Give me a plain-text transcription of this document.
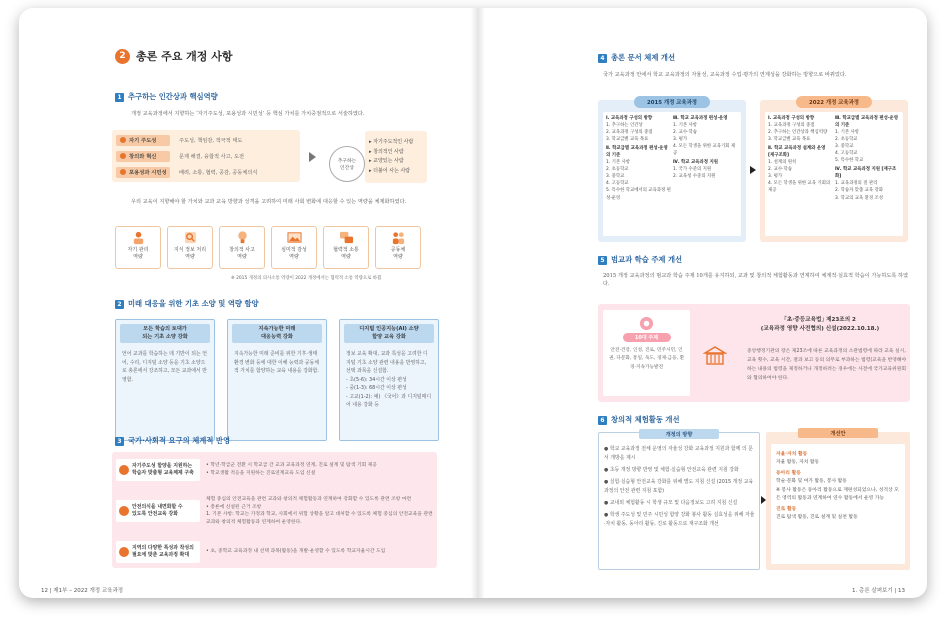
2 총론 주요 개정 사항
1 추구하는 인간상과 핵심역량
개정 교육과정에서 지향하는 ‘자기주도성, 포용성과 시민성’ 등 핵심 가치를 가치중점적으로 서술하였다.
자기 주도성	주도성, 책임감, 적극적 태도
창의와 혁신	문제 해결, 융합적 사고, 도전
포용성과 시민성 배려, 소통, 협력, 공감, 공동체의식
추구하는
인간상
▸ 자기주도적인 사람
▸ 창의적인 사람
▸ 교양있는 사람
▸ 더불어 사는 사람
우리 교육이 지향해야 할 가치와 교과 교육 방향과 성격을 고려하여 미래 사회 변화에 대응할 수 있는 역량을 체제화하였다.
자기 관리
역량
지식 정보 처리
역량
창의적 사고
역량
심미적 감성
역량
협력적 소통
역량
공동체
역량
※ 2015 개정의 의사소통 역량이 2022 개정에서는 협력적 소통 역량으로 바뀜
2 미래 대응을 위한 기초 소양 및 역량 함양
모든 학습의 토대가
되는 기초 소양 강화
언어 교과를 학습하는 데 기반이 되는 언어, 수리, 디지털 소양 등을 기초 소양으로 총론에서 강조하고, 모든 교과에서 반영함.
지속가능한 미래
대응능력 강화
지속가능한 미래 준비를 위한 기후·생태환경 변화 등에 대한 이해 능력과 공동체적 가치를 함양하는 교육 내용을 강화함.
디지털 인공지능(AI) 소양
함양 교육 강화
정보 교육 확대, 교과 특성을 고려한 디지털 기초 소양 관련 내용을 반영하고, 선택 과목을 신설함.
- 초(5-6): 34시간 이상 편성
- 중(1-3): 68시간 이상 편성
- 고교(1-2): 예) 《국어》과 디지털매디어 내용 강화 등
3 국가·사회적 요구의 체계적 반영
자기주도성 함양을 지원하는
학습자 맞춤형 교육체제 구축
• 학년·학급군 전환 시 학교급 간 교과 교육과정 연계, 진로 설계 및 탐색 기회 제공
• 학교생활 적응을 지원하는 진로연계교육 도입 신설
안전의식을 내면화할 수
있도록 안전교육 강화
체험 중심의 안전교육을 관련 교과와 창의적 체험활동과 연계하여 강화할 수 있도록 관련 조항 마련
• 총론에 신설된 근거 조항
1. 기본 사항: 학교는 가정과 학교, 사회에서 위험 상황을 알고 대처할 수 있도록 체험 중심의 안전교육을 관련 교과와 창의적 체험활동과 연계하여 운영한다.
지역의 다양한 특성과 작성의
필요에 맞춘 교육과정 확대
• 초, 중학교 교육과정 내 선택 과목(활동)을 개발·운영할 수 있도록 학교자율시간 도입
12 | 제1부 – 2022 개정 교육과정
4 총론 문서 체제 개선
국가 교육과정 안에서 학교 교육과정의 자율성, 교육과정 수업·평가의 연계성을 강화하는 방향으로 바꿔었다.
2015 개정 교육과정
Ⅰ. 교육과정 구성의 방향
1. 추구하는 인간상
2. 교육과정 구성의 중점
3. 학교급별 교육 목표
Ⅱ. 학교급별 교육과정 편성·운영의 기준
1. 기본 사항
2. 초등학교
3. 중학교
4. 고등학교
5. 특수한 학교에서의 교육과정 편성·운영
Ⅲ. 학교 교육과정 편성·운영
1. 기본 사항
2. 교수·학습
3. 평가
4. 모든 학생을 위한 교육기회 제공
Ⅳ. 학교 교육과정 지원
1. 국가 수준의 지원
2. 교육청 수준의 지원
2022 개정 교육과정
Ⅰ. 교육과정 구성의 방향
1. 교육과정 구성의 중점
2. 추구하는 인간상과 핵심역량
3. 학교급별 교육 목표
Ⅱ. 학교 교육과정 설계와 운영 [재구조화]
1. 설계의 원칙
2. 교수·학습
3. 평가
4. 모든 학생을 위한 교육 기회의 제공
Ⅲ. 학교급별 교육과정 편성·운영의 기준
1. 기본 사항
2. 초등학교
3. 중학교
4. 고등학교
5. 특수한 학교
Ⅳ. 학교 교육과정 지원 [재구조화]
1. 교육과정의 질 관리
2. 학습자 맞춤 교육 강화
3. 학교의 교육 환경 조성
5 범교과 학습 주제 개선
2015 개정 교육과정의 범교과 학습 주제 10개를 유지하되, 교과 및 창의적 체험활동과 연계하여 체계적·실효적 학습이 가능하도록 하였다.
10대 주제
안전·건강, 인성, 진로, 민주시민, 인권, 다문화, 통일, 독도, 경제·금융, 환경·지속가능발전
｢초·중등교육법｣ 제23조의 2
(교육과정 영향 사전협의) 신설(2022.10.18.)
중앙행정기관의 장은 제23조에 따른 교육과정의 소관법령에 따라 교육 실시, 교육 횟수, 교육 시간, 결과 보고 등의 의무로 부과하는 법령(교육을 반영해야 하는 내용의 법령을 제정하거나 개정하려는 경우에는 사전에 국가교육위원회와 협의하여야 한다.
6 창의적 체험활동 개선
개정의 방향
● 학교 교육과정 전체 운영의 자율성 강화 교육과정 지원과 함께 의 문서 개방을 제시
● 초등 개정 방향 반영 및 체험·실습형 안전교육 관련 지침 강화
● 실험·실습형 안전교육 강화를 위해 별도 지침 신설 (2015 개정 교육과정의 안전 관련 지침 포함)
● 교내외 체험활동 시 학생 규모 및 다음정보도 고려 지침 신설
● 학생 주도성 및 민주 시민성 함양 강화 봉사 활동 실효성을 위해 자율·자치 활동, 동아리 활동, 진로 활동으로 재구조화 개선
개선안
자율·자치 활동
자율 활동, 자치 활동
동아리 활동
학술·문화 및 여가 활동, 봉사 활동
※ 봉사 활동은 동아리 활동으로 재편성되었으나, 성격상 모든 영역의 활동과 연계하여 연수 활동에서 운영 가능
진로 활동
진로 탐색 활동, 진로 설계 및 실천 활동
1. 총론 살펴보기 | 13
